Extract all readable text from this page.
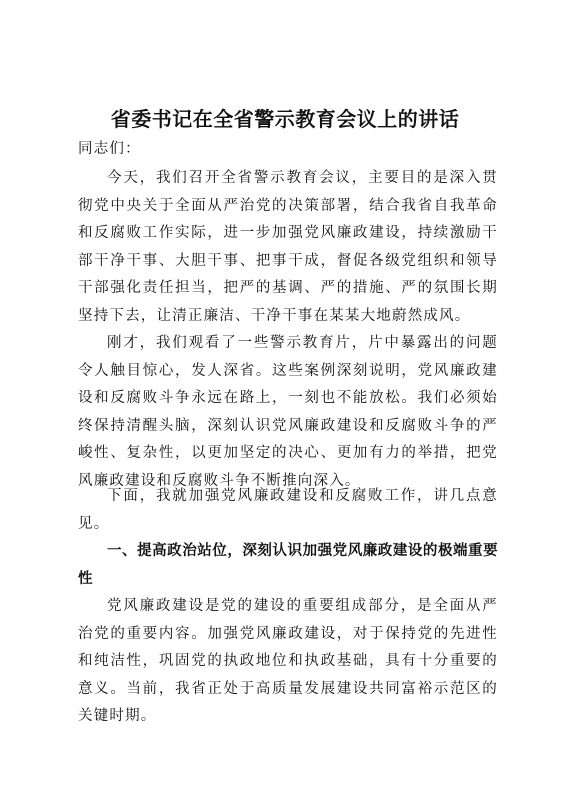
省委书记在全省警示教育会议上的讲话
同志们：
今天，我们召开全省警示教育会议，主要目的是深入贯彻党中央关于全面从严治党的决策部署，结合我省自我革命和反腐败工作实际，进一步加强党风廉政建设，持续激励干部干净干事、大胆干事、把事干成，督促各级党组织和领导干部强化责任担当，把严的基调、严的措施、严的氛围长期坚持下去，让清正廉洁、干净干事在某某大地蔚然成风。
刚才，我们观看了一些警示教育片，片中暴露出的问题令人触目惊心，发人深省。这些案例深刻说明，党风廉政建设和反腐败斗争永远在路上，一刻也不能放松。我们必须始终保持清醒头脑，深刻认识党风廉政建设和反腐败斗争的严峻性、复杂性，以更加坚定的决心、更加有力的举措，把党风廉政建设和反腐败斗争不断推向深入。
下面，我就加强党风廉政建设和反腐败工作，讲几点意见。
一、提高政治站位，深刻认识加强党风廉政建设的极端重要性
党风廉政建设是党的建设的重要组成部分，是全面从严治党的重要内容。加强党风廉政建设，对于保持党的先进性和纯洁性，巩固党的执政地位和执政基础，具有十分重要的意义。当前，我省正处于高质量发展建设共同富裕示范区的关键时期。
